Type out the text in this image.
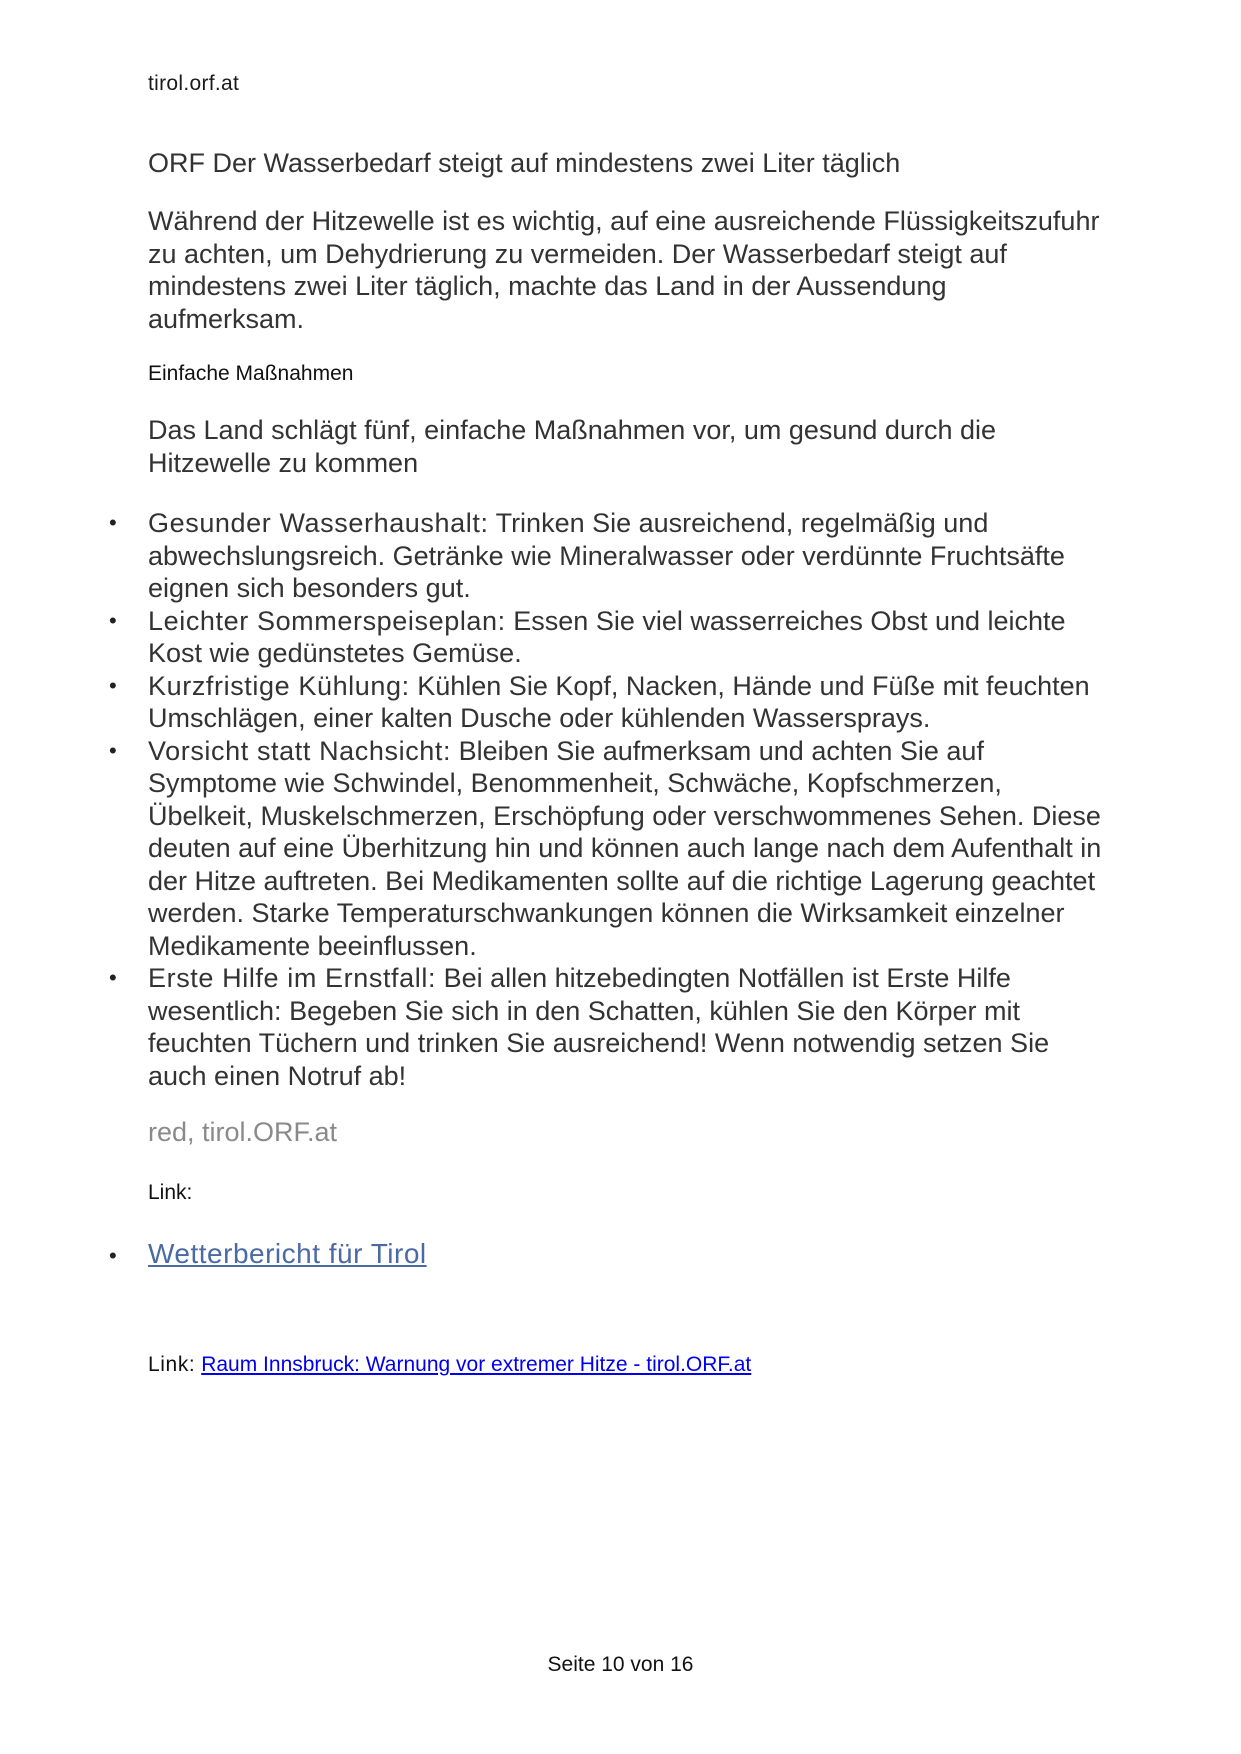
tirol.orf.at
ORF Der Wasserbedarf steigt auf mindestens zwei Liter täglich
Während der Hitzewelle ist es wichtig, auf eine ausreichende Flüssigkeitszufuhr zu achten, um Dehydrierung zu vermeiden. Der Wasserbedarf steigt auf mindestens zwei Liter täglich, machte das Land in der Aussendung aufmerksam.
Einfache Maßnahmen
Das Land schlägt fünf, einfache Maßnahmen vor, um gesund durch die Hitzewelle zu kommen
• Gesunder Wasserhaushalt: Trinken Sie ausreichend, regelmäßig und abwechslungsreich. Getränke wie Mineralwasser oder verdünnte Fruchtsäfte eignen sich besonders gut.
• Leichter Sommerspeiseplan: Essen Sie viel wasserreiches Obst und leichte Kost wie gedünstetes Gemüse.
• Kurzfristige Kühlung: Kühlen Sie Kopf, Nacken, Hände und Füße mit feuchten Umschlägen, einer kalten Dusche oder kühlenden Wassersprays.
• Vorsicht statt Nachsicht: Bleiben Sie aufmerksam und achten Sie auf Symptome wie Schwindel, Benommenheit, Schwäche, Kopfschmerzen, Übelkeit, Muskelschmerzen, Erschöpfung oder verschwommenes Sehen. Diese deuten auf eine Überhitzung hin und können auch lange nach dem Aufenthalt in der Hitze auftreten. Bei Medikamenten sollte auf die richtige Lagerung geachtet werden. Starke Temperaturschwankungen können die Wirksamkeit einzelner Medikamente beeinflussen.
• Erste Hilfe im Ernstfall: Bei allen hitzebedingten Notfällen ist Erste Hilfe wesentlich: Begeben Sie sich in den Schatten, kühlen Sie den Körper mit feuchten Tüchern und trinken Sie ausreichend! Wenn notwendig setzen Sie auch einen Notruf ab!
red, tirol.ORF.at
Link:
• Wetterbericht für Tirol
Link: Raum Innsbruck: Warnung vor extremer Hitze - tirol.ORF.at
Seite 10 von 16
